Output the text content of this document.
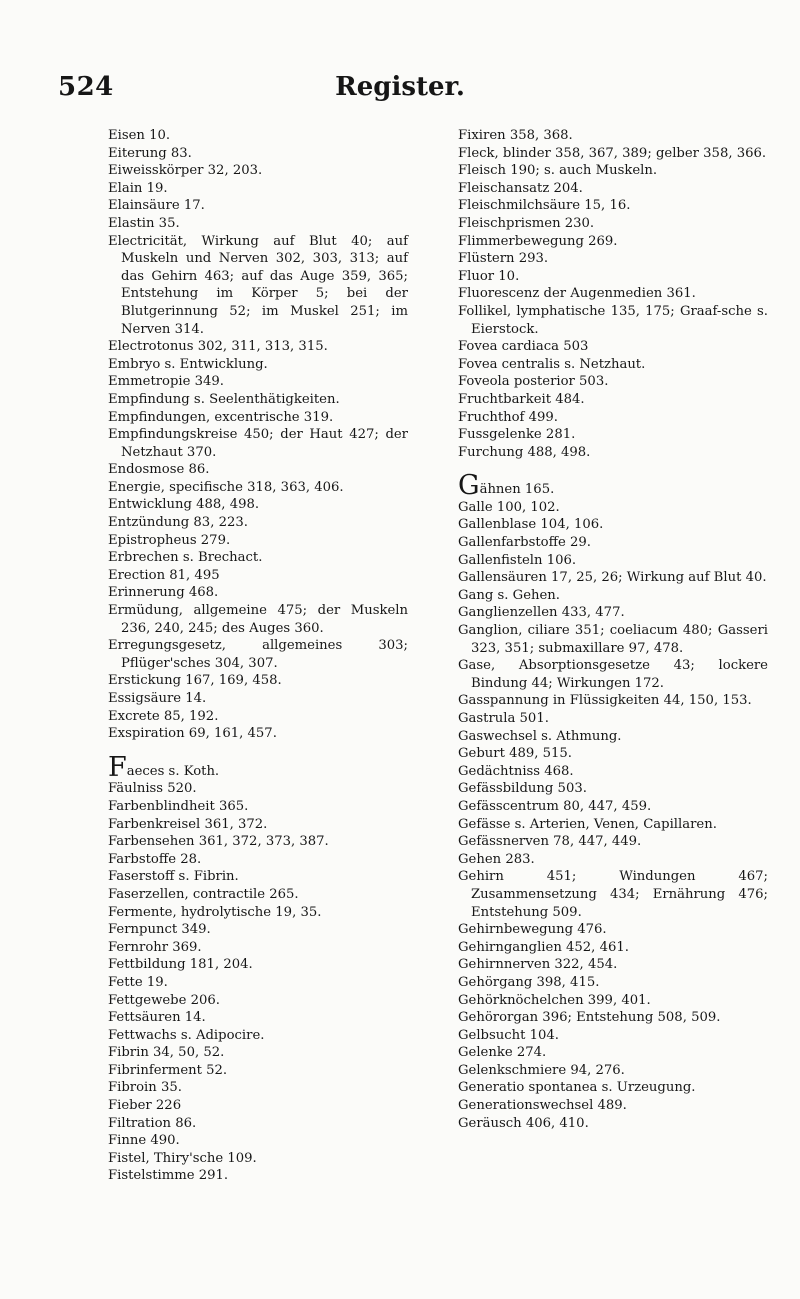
524	Register.

Eisen 10.

Eiterung 83.

Eiweisskörper 32, 203.

Elain 19.

Elainsäure 17.

Elastin 35.

Electricität, Wirkung auf Blut 40; auf Muskeln und Nerven 302, 303, 313; auf das Gehirn 463; auf das Auge 359, 365; Entstehung im Körper 5; bei der Blutgerinnung 52; im Muskel 251; im Nerven 314.

Electrotonus 302, 311, 313, 315.

Embryo s. Entwicklung.

Emmetropie 349.

Empfindung s. Seelenthätigkeiten.

Empfindungen, excentrische 319.

Empfindungskreise 450; der Haut 427; der Netzhaut 370.

Endosmose 86.

Energie, specifische 318, 363, 406.

Entwicklung 488, 498.

Entzündung 83, 223.

Epistropheus 279.

Erbrechen s. Brechact.

Erection 81, 495

Erinnerung 468.

Ermüdung, allgemeine 475; der Muskeln 236, 240, 245; des Auges 360.

Erregungsgesetz, allgemeines 303; Pflüger'sches 304, 307.

Erstickung 167, 169, 458.

Essigsäure 14.

Excrete 85, 192.

Exspiration 69, 161, 457.

Faeces s. Koth.

Fäulniss 520.

Farbenblindheit 365.

Farbenkreisel 361, 372.

Farbensehen 361, 372, 373, 387.

Farbstoffe 28.

Faserstoff s. Fibrin.

Faserzellen, contractile 265.

Fermente, hydrolytische 19, 35.

Fernpunct 349.

Fernrohr 369.

Fettbildung 181, 204.

Fette 19.

Fettgewebe 206.

Fettsäuren 14.

Fettwachs s. Adipocire.

Fibrin 34, 50, 52.

Fibrinferment 52.

Fibroin 35.

Fieber 226

Filtration 86.

Finne 490.

Fistel, Thiry'sche 109.

Fistelstimme 291.

Fixiren 358, 368.

Fleck, blinder 358, 367, 389; gelber 358, 366.

Fleisch 190; s. auch Muskeln.

Fleischansatz 204.

Fleischmilchsäure 15, 16.

Fleischprismen 230.

Flimmerbewegung 269.

Flüstern 293.

Fluor 10.

Fluorescenz der Augenmedien 361.

Follikel, lymphatische 135, 175; Graaf-sche s. Eierstock.

Fovea cardiaca 503

Fovea centralis s. Netzhaut.

Foveola posterior 503.

Fruchtbarkeit 484.

Fruchthof 499.

Fussgelenke 281.

Furchung 488, 498.

Gähnen 165.

Galle 100, 102.

Gallenblase 104, 106.

Gallenfarbstoffe 29.

Gallenfisteln 106.

Gallensäuren 17, 25, 26; Wirkung auf Blut 40.

Gang s. Gehen.

Ganglienzellen 433, 477.

Ganglion, ciliare 351; coeliacum 480; Gasseri 323, 351; submaxillare 97, 478.

Gase, Absorptionsgesetze 43; lockere Bindung 44; Wirkungen 172.

Gasspannung in Flüssigkeiten 44, 150, 153.

Gastrula 501.

Gaswechsel s. Athmung.

Geburt 489, 515.

Gedächtniss 468.

Gefässbildung 503.

Gefässcentrum 80, 447, 459.

Gefässe s. Arterien, Venen, Capillaren.

Gefässnerven 78, 447, 449.

Gehen 283.

Gehirn 451; Windungen 467; Zusammensetzung 434; Ernährung 476; Entstehung 509.

Gehirnbewegung 476.

Gehirnganglien 452, 461.

Gehirnnerven 322, 454.

Gehörgang 398, 415.

Gehörknöchelchen 399, 401.

Gehörorgan 396; Entstehung 508, 509.

Gelbsucht 104.

Gelenke 274.

Gelenkschmiere 94, 276.

Generatio spontanea s. Urzeugung.

Generationswechsel 489.

Geräusch 406, 410.
